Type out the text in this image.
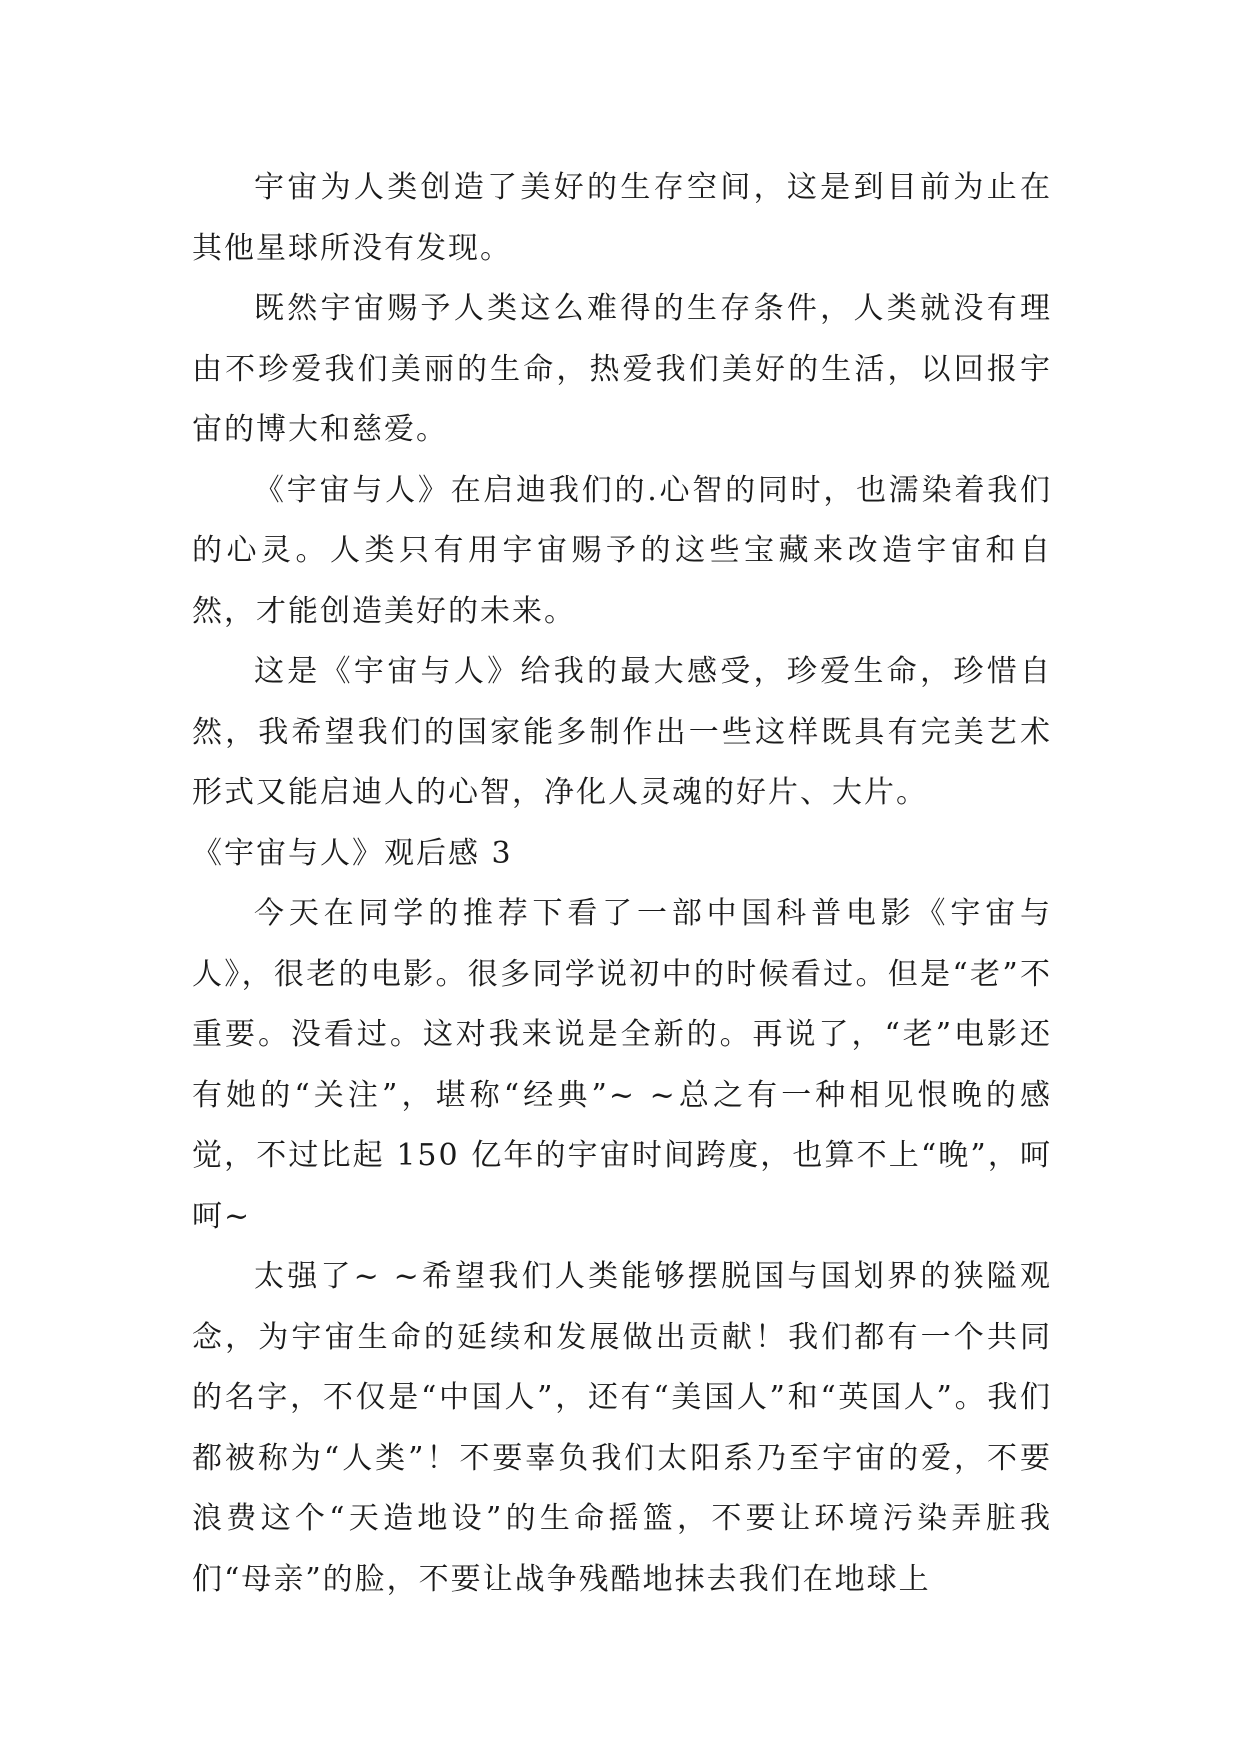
宇宙为人类创造了美好的生存空间，这是到目前为止在其他星球所没有发现。

既然宇宙赐予人类这么难得的生存条件，人类就没有理由不珍爱我们美丽的生命，热爱我们美好的生活，以回报宇宙的博大和慈爱。

《宇宙与人》在启迪我们的.心智的同时，也濡染着我们的心灵。人类只有用宇宙赐予的这些宝藏来改造宇宙和自然，才能创造美好的未来。

这是《宇宙与人》给我的最大感受，珍爱生命，珍惜自然，我希望我们的国家能多制作出一些这样既具有完美艺术形式又能启迪人的心智，净化人灵魂的好片、大片。

《宇宙与人》观后感 3

今天在同学的推荐下看了一部中国科普电影《宇宙与人》，很老的电影。很多同学说初中的时候看过。但是“老”不重要。没看过。这对我来说是全新的。再说了，“老”电影还有她的“关注”，堪称“经典”~ ~总之有一种相见恨晚的感觉，不过比起 150 亿年的宇宙时间跨度，也算不上“晚”，呵呵~

太强了~ ~希望我们人类能够摆脱国与国划界的狭隘观念，为宇宙生命的延续和发展做出贡献！我们都有一个共同的名字，不仅是“中国人”，还有“美国人”和“英国人”。我们都被称为“人类”！不要辜负我们太阳系乃至宇宙的爱，不要浪费这个“天造地设”的生命摇篮，不要让环境污染弄脏我们“母亲”的脸，不要让战争残酷地抹去我们在地球上
